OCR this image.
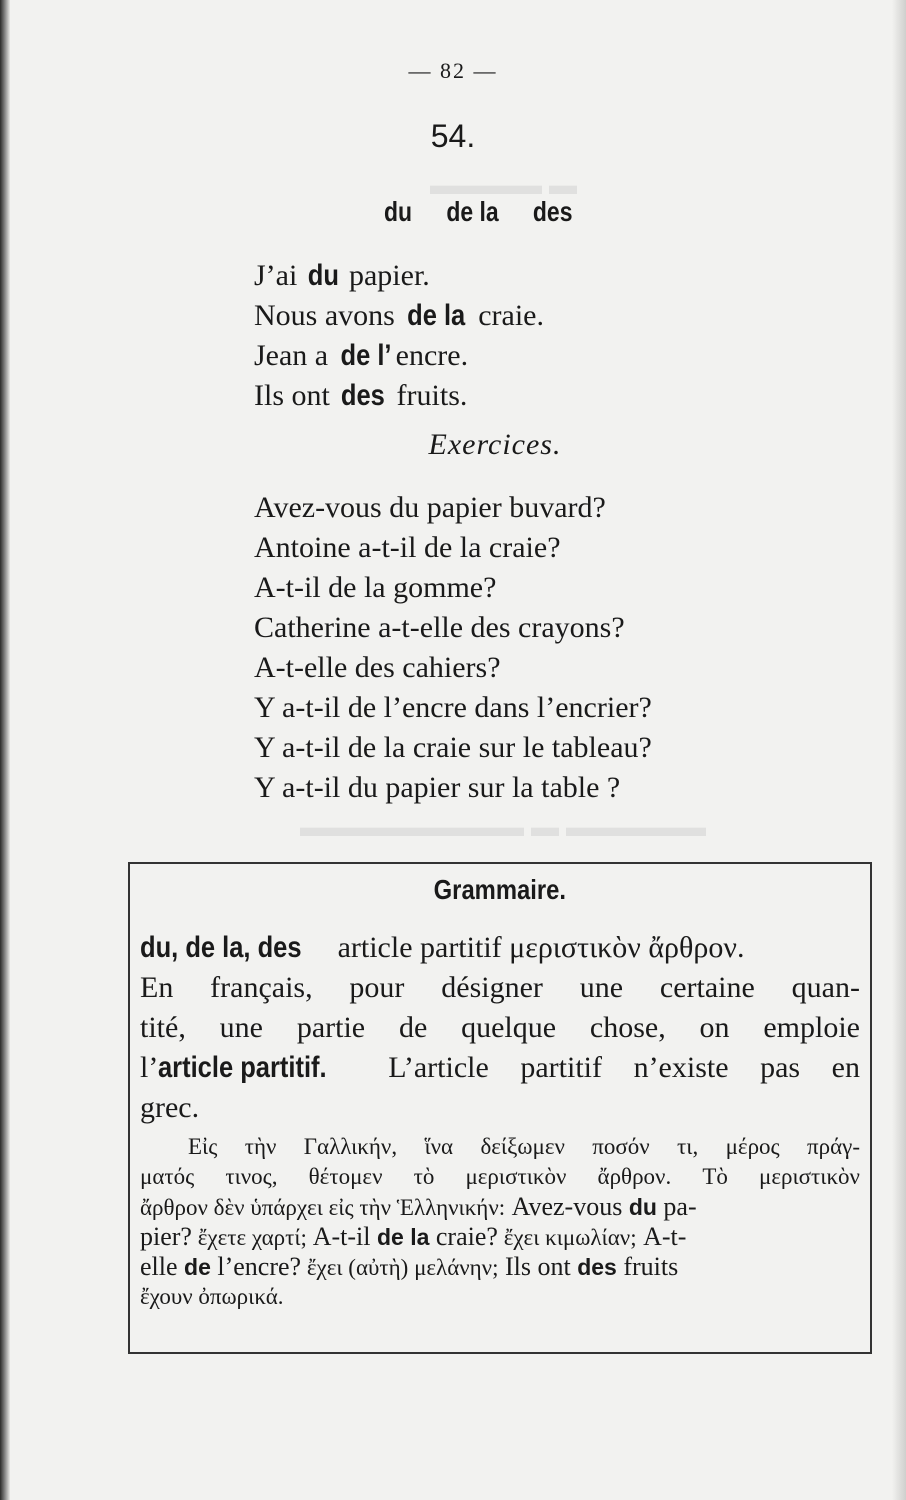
▬ ▬▬▬▬
▬▬▬▬▬ ▬ ▬▬▬▬▬▬▬▬
— 82 —
54.
du de la des
J’ai du papier.
Nous avons de la craie.
Jean a de l’ encre.
Ils ont des fruits.
Exercices.
Avez-vous du papier buvard?
Antoine a-t-il de la craie?
A-t-il de la gomme?
Catherine a-t-elle des crayons?
A-t-elle des cahiers?
Y a-t-il de l’encre dans l’encrier?
Y a-t-il de la craie sur le tableau?
Y a-t-il du papier sur la table ?
Grammaire.
du, de la, des article partitif μεριστικὸν ἄρθρον.
En français, pour désigner une certaine quan-
tité, une partie de quelque chose, on emploie
l’article partitif.	L’article partitif n’existe pas en
grec.
Εἰς τὴν Γαλλικήν, ἵνα δείξωμεν ποσόν τι, μέρος πράγ-
ματός τινος, θέτομεν τὸ μεριστικὸν ἄρθρον. Τὸ μεριστικὸν
ἄρθρον δὲν ὑπάρχει εἰς τὴν Ἑλληνικήν: Avez-vous du pa-
pier? ἔχετε χαρτί; A-t-il de la craie? ἔχει κιμωλίαν; A-t-
elle de l’encre? ἔχει (αὐτὴ) μελάνην; Ils ont des fruits
ἔχουν ὀπωρικά.
